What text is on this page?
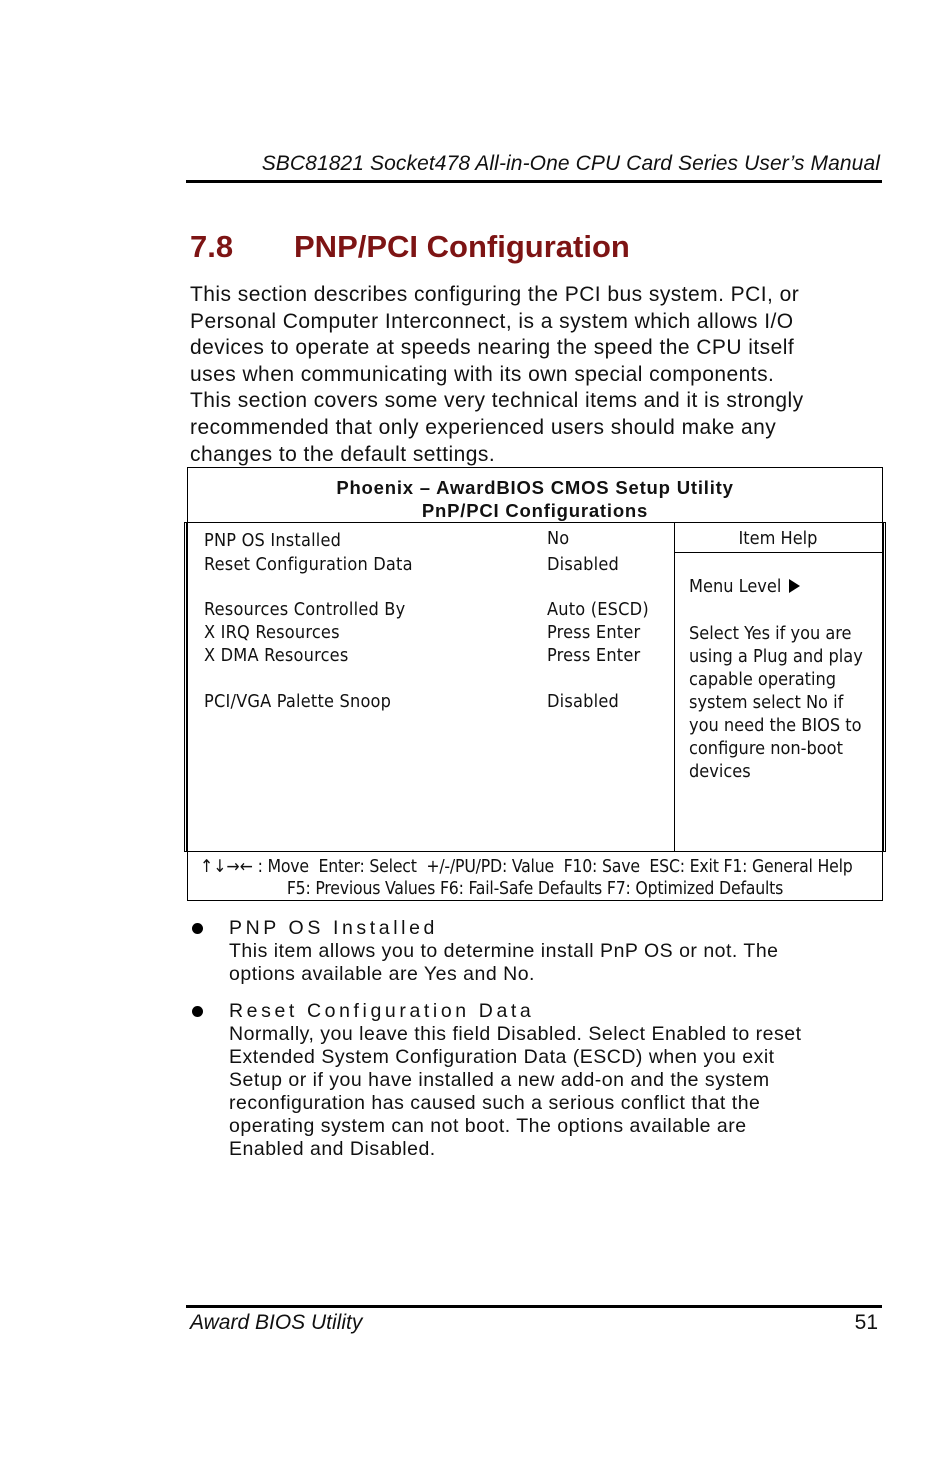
SBC81821 Socket478 All-in-One CPU Card Series User’s Manual
7.8 PNP/PCI Configuration
This section describes configuring the PCI bus system. PCI, or
Personal Computer Interconnect, is a system which allows I/O
devices to operate at speeds nearing the speed the CPU itself
uses when communicating with its own special components.
This section covers some very technical items and it is strongly
recommended that only experienced users should make any
changes to the default settings.
Phoenix – AwardBIOS CMOS Setup Utility
PnP/PCI Configurations
PNP OS Installed	No
Reset Configuration Data	Disabled
Resources Controlled By	Auto (ESCD)
X IRQ Resources	Press Enter
X DMA Resources	Press Enter
PCI/VGA Palette Snoop	Disabled
Item Help
Menu Level
Select Yes if you are
using a Plug and play
capable operating
system select No if
you need the BIOS to
configure non-boot
devices
↑↓→← : Move  Enter: Select  +/-/PU/PD: Value  F10: Save  ESC: Exit F1: General Help
F5: Previous Values F6: Fail-Safe Defaults F7: Optimized Defaults
PNP OS Installed
This item allows you to determine install PnP OS or not. The
options available are Yes and No.
Reset Configuration Data
Normally, you leave this field Disabled. Select Enabled to reset
Extended System Configuration Data (ESCD) when you exit
Setup or if you have installed a new add-on and the system
reconfiguration has caused such a serious conflict that the
operating system can not boot. The options available are
Enabled and Disabled.
Award BIOS Utility	51
